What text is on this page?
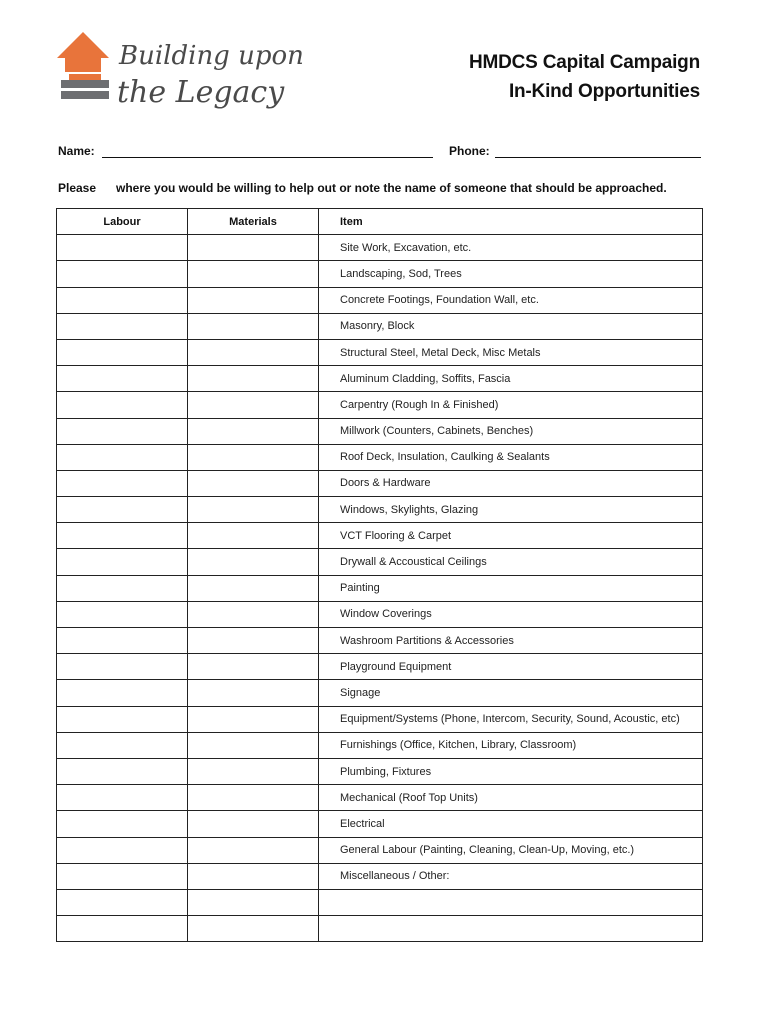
Building upon
the Legacy
HMDCS Capital Campaign
In-Kind Opportunities
Name:	Phone:
Please where you would be willing to help out or note the name of someone that should be approached.
Labour	Materials	Item
		Site Work, Excavation, etc.
		Landscaping, Sod, Trees
		Concrete Footings, Foundation Wall, etc.
		Masonry, Block
		Structural Steel, Metal Deck, Misc Metals
		Aluminum Cladding, Soffits, Fascia
		Carpentry (Rough In & Finished)
		Millwork (Counters, Cabinets, Benches)
		Roof Deck, Insulation, Caulking & Sealants
		Doors & Hardware
		Windows, Skylights, Glazing
		VCT Flooring & Carpet
		Drywall & Accoustical Ceilings
		Painting
		Window Coverings
		Washroom Partitions & Accessories
		Playground Equipment
		Signage
		Equipment/Systems (Phone, Intercom, Security, Sound, Acoustic, etc)
		Furnishings (Office, Kitchen, Library, Classroom)
		Plumbing, Fixtures
		Mechanical (Roof Top Units)
		Electrical
		General Labour (Painting, Cleaning, Clean-Up, Moving, etc.)
		Miscellaneous / Other:
